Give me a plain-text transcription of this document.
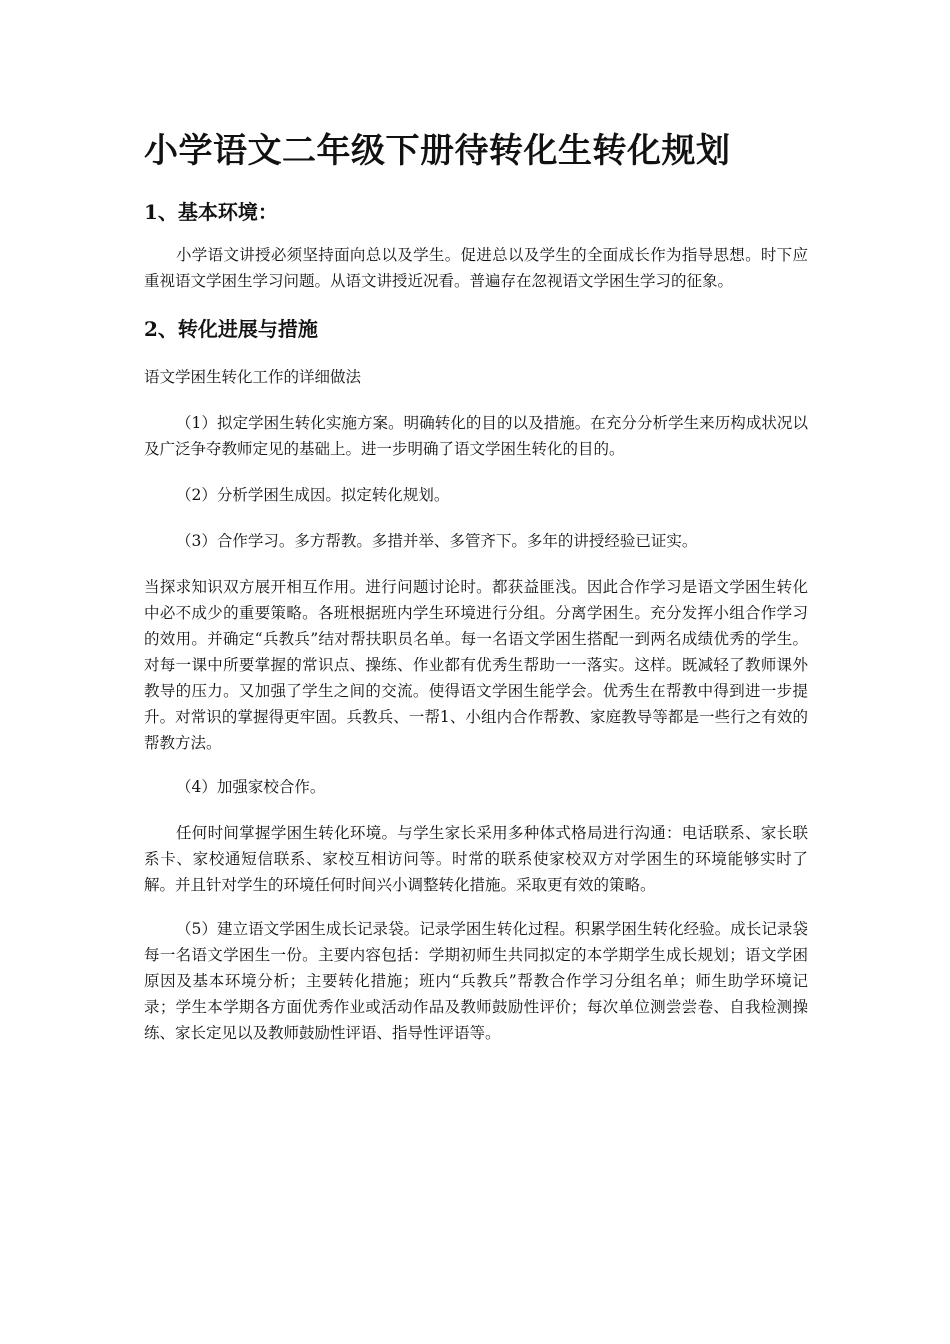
小学语文二年级下册待转化生转化规划
1、基本环境：

小学语文讲授必须坚持面向总以及学生。促进总以及学生的全面成长作为指导思想。时下应重视语文学困生学习问题。从语文讲授近况看。普遍存在忽视语文学困生学习的征象。

2、转化进展与措施

语文学困生转化工作的详细做法

（1）拟定学困生转化实施方案。明确转化的目的以及措施。在充分分析学生来历构成状况以及广泛争夺教师定见的基础上。进一步明确了语文学困生转化的目的。

（2）分析学困生成因。拟定转化规划。

（3）合作学习。多方帮教。多措并举、多管齐下。多年的讲授经验已证实。

当探求知识双方展开相互作用。进行问题讨论时。都获益匪浅。因此合作学习是语文学困生转化中必不成少的重要策略。各班根据班内学生环境进行分组。分离学困生。充分发挥小组合作学习的效用。并确定“兵教兵”结对帮扶职员名单。每一名语文学困生搭配一到两名成绩优秀的学生。对每一课中所要掌握的常识点、操练、作业都有优秀生帮助一一落实。这样。既减轻了教师课外教导的压力。又加强了学生之间的交流。使得语文学困生能学会。优秀生在帮教中得到进一步提升。对常识的掌握得更牢固。兵教兵、一帮1、小组内合作帮教、家庭教导等都是一些行之有效的帮教方法。

（4）加强家校合作。

任何时间掌握学困生转化环境。与学生家长采用多种体式格局进行沟通：电话联系、家长联系卡、家校通短信联系、家校互相访问等。时常的联系使家校双方对学困生的环境能够实时了解。并且针对学生的环境任何时间兴小调整转化措施。采取更有效的策略。

（5）建立语文学困生成长记录袋。记录学困生转化过程。积累学困生转化经验。成长记录袋每一名语文学困生一份。主要内容包括：学期初师生共同拟定的本学期学生成长规划；语文学困原因及基本环境分析；主要转化措施；班内“兵教兵”帮教合作学习分组名单；师生助学环境记录；学生本学期各方面优秀作业或活动作品及教师鼓励性评价；每次单位测尝尝卷、自我检测操练、家长定见以及教师鼓励性评语、指导性评语等。
